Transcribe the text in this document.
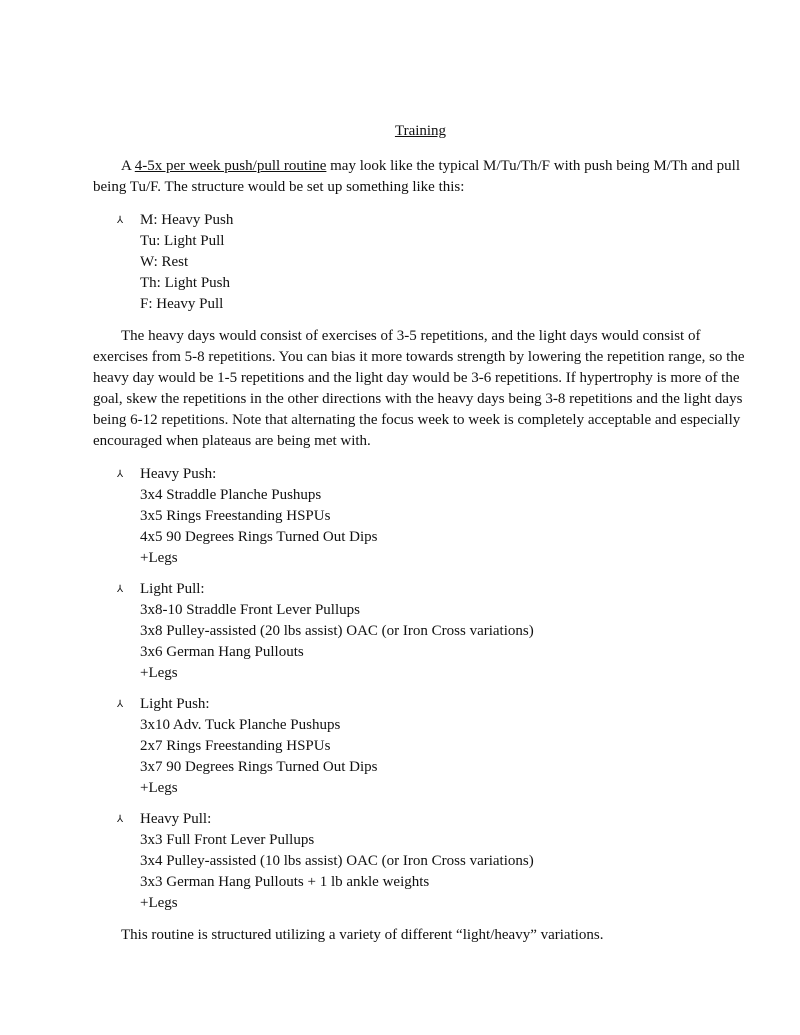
Training

A 4-5x per week push/pull routine may look like the typical M/Tu/Th/F with push being M/Th and pull being Tu/F. The structure would be set up something like this:

⅄ M: Heavy Push
Tu: Light Pull
W: Rest
Th: Light Push
F: Heavy Pull

The heavy days would consist of exercises of 3-5 repetitions, and the light days would consist of exercises from 5-8 repetitions. You can bias it more towards strength by lowering the repetition range, so the heavy day would be 1-5 repetitions and the light day would be 3-6 repetitions. If hypertrophy is more of the goal, skew the repetitions in the other directions with the heavy days being 3-8 repetitions and the light days being 6-12 repetitions. Note that alternating the focus week to week is completely acceptable and especially encouraged when plateaus are being met with.

⅄ Heavy Push:
3x4 Straddle Planche Pushups
3x5 Rings Freestanding HSPUs
4x5 90 Degrees Rings Turned Out Dips
+Legs
⅄ Light Pull:
3x8-10 Straddle Front Lever Pullups
3x8 Pulley-assisted (20 lbs assist) OAC (or Iron Cross variations)
3x6 German Hang Pullouts
+Legs
⅄ Light Push:
3x10 Adv. Tuck Planche Pushups
2x7 Rings Freestanding HSPUs
3x7 90 Degrees Rings Turned Out Dips
+Legs
⅄ Heavy Pull:
3x3 Full Front Lever Pullups
3x4 Pulley-assisted (10 lbs assist) OAC (or Iron Cross variations)
3x3 German Hang Pullouts + 1 lb ankle weights
+Legs

This routine is structured utilizing a variety of different “light/heavy” variations.
